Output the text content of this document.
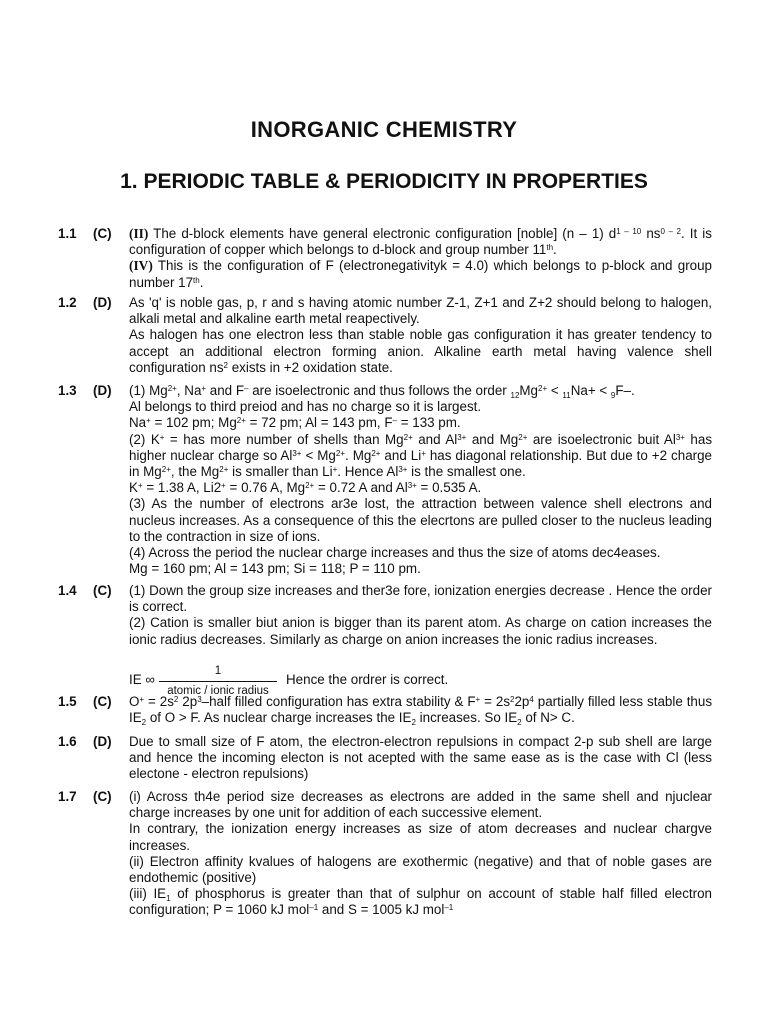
INORGANIC CHEMISTRY
1. PERIODIC TABLE & PERIODICITY IN PROPERTIES
1.1 (C) (II) The d-block elements have general electronic configuration [noble] (n – 1) $d^{1 - 10}$ $ns^{0 - 2}$. It is configuration of copper which belongs to d-block and group number 11th.

(IV) This is the configuration of F (electronegativityk = 4.0) which belongs to p-block and group number 17th.

1.2 (D) As 'q' is noble gas, p, r and s having atomic number Z-1, Z+1 and Z+2 should belong to halogen, alkali metal and alkaline earth metal reapectively.

As halogen has one electron less than stable noble gas configuration it has greater tendency to accept an additional electron forming anion. Alkaline earth metal having valence shell configuration $ns^2$ exists in +2 oxidation state.

1.3 (D) (1) $Mg^{2+}$, Na+ and F– are isoelectronic and thus follows the order $_{12}Mg^{2+} < _{11}Na+ < _9F-$.

Al belongs to third preiod and has no charge so it is largest.

Na+ = 102 pm; $Mg^{2+} = 72$ pm; Al = 143 pm, F– = 133 pm.

(2) K+ = has more number of shells than $Mg^{2+}$ and $Al^{3+}$ and $Mg^{2+}$ are isoelectronic buit $Al^{3+}$ has higher nuclear charge so $Al^{3+} < Mg^{2+}$. $Mg^{2+}$ and Li+ has diagonal relationship. But due to +2 charge in $Mg^{2+}$, the $Mg^{2+}$ is smaller than Li+. Hence $Al^{3+}$ is the smallest one.

K+ = 1.38 A, Li2+ = 0.76 A, $Mg^{2+} = 0.72$ A and $Al^{3+} = 0.535$ A.

(3) As the number of electrons ar3e lost, the attraction between valence shell electrons and nucleus increases. As a consequence of this the elecrtons are pulled closer to the nucleus leading to the contraction in size of ions.

(4) Across the period the nuclear charge increases and thus the size of atoms dec4eases.

Mg = 160 pm; Al = 143 pm; Si = 118; P = 110 pm.

1.4 (C) (1) Down the group size increases and ther3e fore, ionization energies decrease . Hence the order is correct.

(2) Cation is smaller biut anion is bigger than its parent atom. As charge on cation increases the ionic radius decreases. Similarly as charge on anion increases the ionic radius increases.

IE ∞
1
atomic / ionic radius
Hence the ordrer is correct.
1.5 (C) $O^+ = 2s^2$ $2p^3$–half filled configuration has extra stability & $F^+ = 2s^22p^4$ partially filled less stable thus $IE_2$ of O > F. As nuclear charge increases the $IE_2$ increases. So $IE_2$ of N> C.

1.6 (D) Due to small size of F atom, the electron-electron repulsions in compact 2-p sub shell are large and hence the incoming electon is not acepted with the same ease as is the case with Cl (less electone - electron repulsions)

1.7 (C) (i) Across th4e period size decreases as electrons are added in the same shell and njuclear charge increases by one unit for addition of each successive element.

In contrary, the ionization energy increases as size of atom decreases and nuclear chargve increases.

(ii) Electron affinity kvalues of halogens are exothermic (negative) and that of noble gases are endothemic (positive)

(iii) $IE_1$ of phosphorus is greater than that of sulphur on account of stable half filled electron configuration; P = 1060 kJ mol$^{-1}$ and S = 1005 kJ mol$^{-1}$
